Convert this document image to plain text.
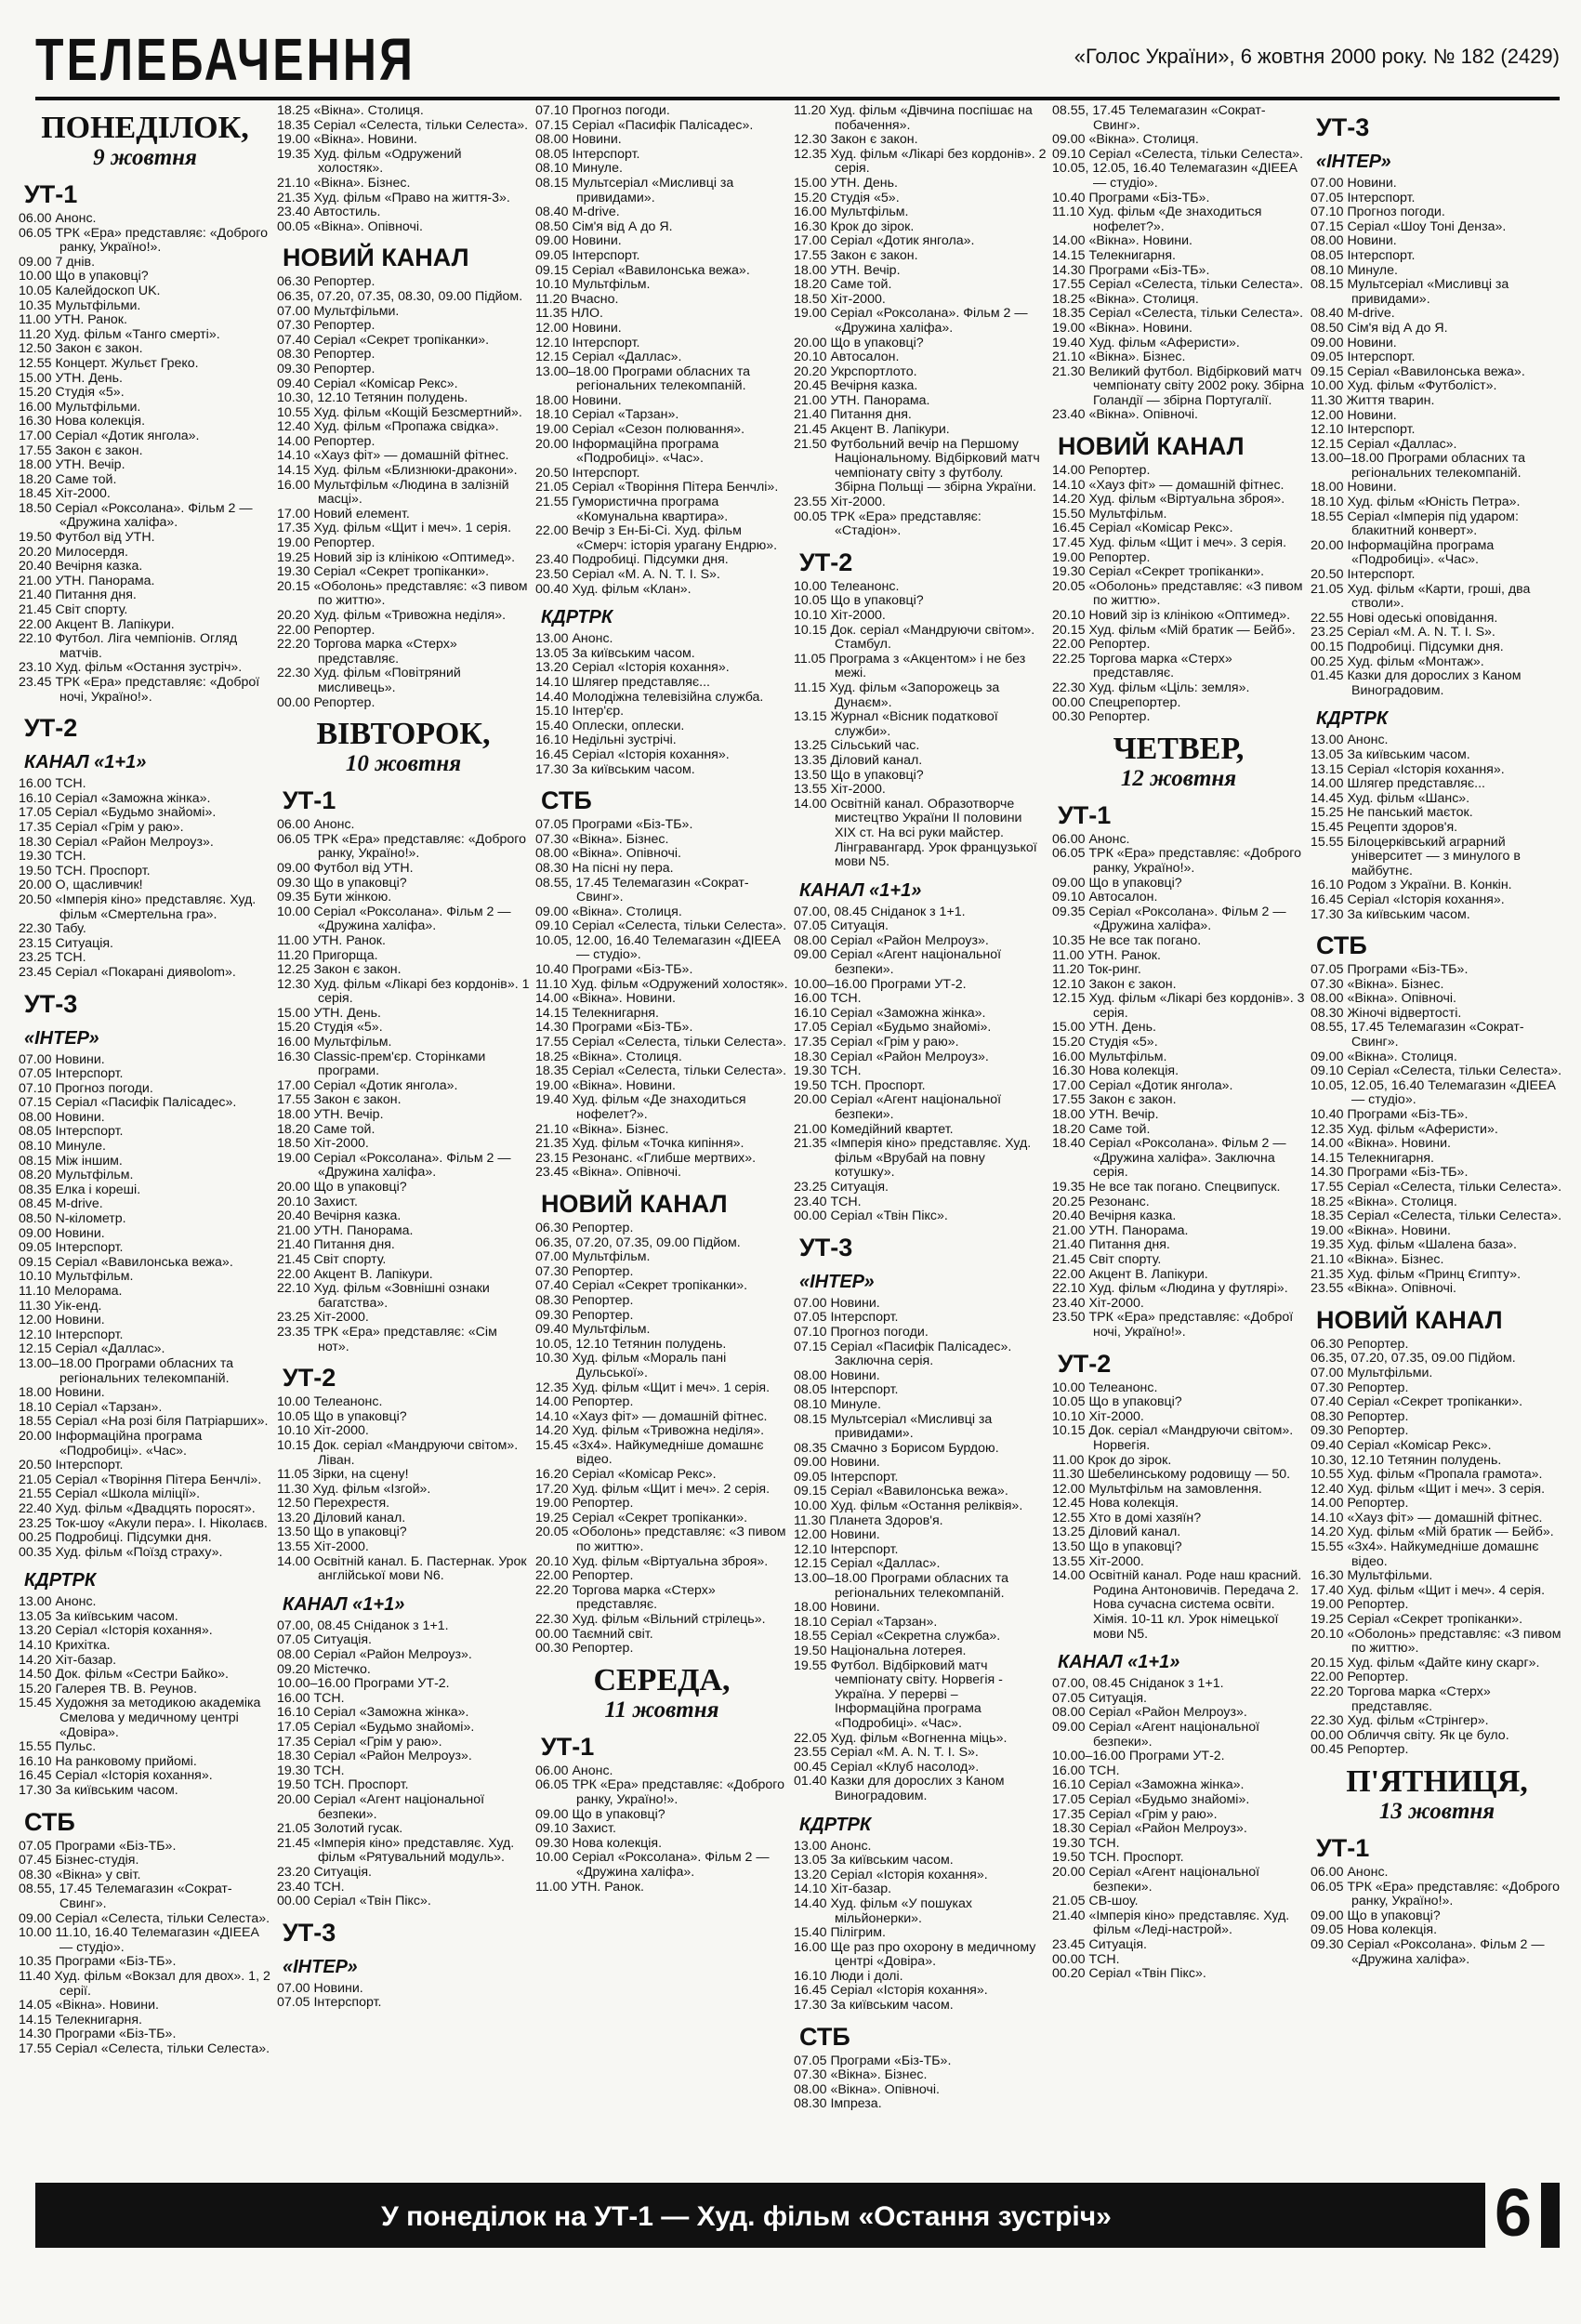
ТЕЛЕБАЧЕННЯ	«Голос України», 6 жовтня 2000 року. № 182 (2429)
ПОНЕДІЛОК,
9 жовтня
УТ-1
06.00 Анонс.
06.05 ТРК «Ера» представляє: «Доброго ранку, Україно!».
09.00 7 днів.
10.00 Що в упаковці?
10.05 Калейдоскоп UK.
10.35 Мультфільми.
11.00 УТН. Ранок.
11.20 Худ. фільм «Танго смерті».
12.50 Закон є закон.
12.55 Концерт. Жульєт Греко.
15.00 УТН. День.
15.20 Студія «5».
16.00 Мультфільми.
16.30 Нова колекція.
17.00 Серіал «Дотик янгола».
17.55 Закон є закон.
18.00 УТН. Вечір.
18.20 Саме той.
18.45 Хіт-2000.
18.50 Серіал «Роксолана». Фільм 2 — «Дружина халіфа».
19.50 Футбол від УТН.
20.20 Милосердя.
20.40 Вечірня казка.
21.00 УТН. Панорама.
21.40 Питання дня.
21.45 Світ спорту.
22.00 Акцент В. Лапікури.
22.10 Футбол. Ліга чемпіонів. Огляд матчів.
23.10 Худ. фільм «Остання зустріч».
23.45 ТРК «Ера» представляє: «Доброї ночі, Україно!».
УТ-2
КАНАЛ «1+1»
16.00 ТСН.
16.10 Серіал «Заможна жінка».
17.05 Серіал «Будьмо знайомі».
17.35 Серіал «Грім у раю».
18.30 Серіал «Район Мелроуз».
19.30 ТСН.
19.50 ТСН. Проспорт.
20.00 О, щасливчик!
20.50 «Імперія кіно» представляє. Худ. фільм «Смертельна гра».
22.30 Табу.
23.15 Ситуація.
23.25 ТСН.
23.45 Серіал «Покарані диявolom».
УТ-3
«ІНТЕР»
07.00 Новини.
07.05 Інтерспорт.
07.10 Прогноз погоди.
07.15 Серіал «Пасифік Палісадес».
08.00 Новини.
08.05 Інтерспорт.
08.10 Минуле.
08.15 Між іншим.
08.20 Мультфільм.
08.35 Елка і кореші.
08.45 M-drive.
08.50 N-кілометр.
09.00 Новини.
09.05 Інтерспорт.
09.15 Серіал «Вавилонська вежа».
10.10 Мультфільм.
11.10 Мелорама.
11.30 Уік-енд.
12.00 Новини.
12.10 Інтерспорт.
12.15 Серіал «Даллас».
13.00–18.00 Програми обласних та регіональних телекомпаній.
18.00 Новини.
18.10 Серіал «Тарзан».
18.55 Серіал «На розі біля Патріарших».
20.00 Інформаційна програма «Подробиці». «Час».
20.50 Інтерспорт.
21.05 Серіал «Творіння Пітера Бенчлі».
21.55 Серіал «Школа міліції».
22.40 Худ. фільм «Двадцять поросят».
23.25 Ток-шоу «Акули пера». І. Ніколаєв.
00.25 Подробиці. Підсумки дня.
00.35 Худ. фільм «Поїзд страху».
КДРТРК
13.00 Анонс.
13.05 За київським часом.
13.20 Серіал «Історія кохання».
14.10 Крихітка.
14.20 Хіт-базар.
14.50 Док. фільм «Сестри Байко».
15.20 Галерея ТВ. В. Реунов.
15.45 Художня за методикою академіка Смелова у медичному центрі «Довіра».
15.55 Пульс.
16.10 На ранковому прийомі.
16.45 Серіал «Історія кохання».
17.30 За київським часом.
СТБ
07.05 Програми «Біз-ТБ».
07.45 Бізнес-студія.
08.30 «Вікна» у світ.
08.55, 17.45 Телемагазин «Сократ-Свинг».
09.00 Серіал «Селеста, тільки Селеста».
10.00 11.10, 16.40 Телемагазин «ДІЕЕА — студіо».
10.35 Програми «Біз-ТБ».
11.40 Худ. фільм «Вокзал для двох». 1, 2 серії.
14.05 «Вікна». Новини.
14.15 Телекнигарня.
14.30 Програми «Біз-ТБ».
17.55 Серіал «Селеста, тільки Селеста».
18.25 «Вікна». Столиця.
18.35 Серіал «Селеста, тільки Селеста».
19.00 «Вікна». Новини.
19.35 Худ. фільм «Одружений холостяк».
21.10 «Вікна». Бізнес.
21.35 Худ. фільм «Право на життя-3».
23.40 Автостиль.
00.05 «Вікна». Опівночі.
НОВИЙ КАНАЛ
06.30 Репортер.
06.35, 07.20, 07.35, 08.30, 09.00 Підйом.
07.00 Мультфільми.
07.30 Репортер.
07.40 Серіал «Секрет тропіканки».
08.30 Репортер.
09.30 Репортер.
09.40 Серіал «Комісар Рекс».
10.30, 12.10 Тетянин полудень.
10.55 Худ. фільм «Кощій Безсмертний».
12.40 Худ. фільм «Пропажа свідка».
14.00 Репортер.
14.10 «Хауз фіт» — домашній фітнес.
14.15 Худ. фільм «Близнюки-дракони».
16.00 Мультфільм «Людина в залізній масці».
17.00 Новий елемент.
17.35 Худ. фільм «Щит і меч». 1 серія.
19.00 Репортер.
19.25 Новий зір із клінікою «Оптимед».
19.30 Серіал «Секрет тропіканки».
20.15 «Оболонь» представляє: «З пивом по життю».
20.20 Худ. фільм «Тривожна неділя».
22.00 Репортер.
22.20 Торгова марка «Стерх» представляє.
22.30 Худ. фільм «Повітряний мисливець».
00.00 Репортер.
ВІВТОРОК,
10 жовтня
УТ-1
06.00 Анонс.
06.05 ТРК «Ера» представляє: «Доброго ранку, Україно!».
09.00 Футбол від УТН.
09.30 Що в упаковці?
09.35 Бути жінкою.
10.00 Серіал «Роксолана». Фільм 2 — «Дружина халіфа».
11.00 УТН. Ранок.
11.20 Пригорща.
12.25 Закон є закон.
12.30 Худ. фільм «Лікарі без кордонів». 1 серія.
15.00 УТН. День.
15.20 Студія «5».
16.00 Мультфільм.
16.30 Classic-прем'єр. Сторінками програми.
17.00 Серіал «Дотик янгола».
17.55 Закон є закон.
18.00 УТН. Вечір.
18.20 Саме той.
18.50 Хіт-2000.
19.00 Серіал «Роксолана». Фільм 2 — «Дружина халіфа».
20.00 Що в упаковці?
20.10 Захист.
20.40 Вечірня казка.
21.00 УТН. Панорама.
21.40 Питання дня.
21.45 Світ спорту.
22.00 Акцент В. Лапікури.
22.10 Худ. фільм «Зовнішні ознаки багатства».
23.25 Хіт-2000.
23.35 ТРК «Ера» представляє: «Сім нот».
УТ-2
10.00 Телеанонс.
10.05 Що в упаковці?
10.10 Хіт-2000.
10.15 Док. серіал «Мандруючи світом». Ліван.
11.05 Зірки, на сцену!
11.30 Худ. фільм «Ізгой».
12.50 Перехрестя.
13.20 Діловий канал.
13.50 Що в упаковці?
13.55 Хіт-2000.
14.00 Освітній канал. Б. Пастернак. Урок англійської мови N6.
КАНАЛ «1+1»
07.00, 08.45 Сніданок з 1+1.
07.05 Ситуація.
08.00 Серіал «Район Мелроуз».
09.20 Містечко.
10.00–16.00 Програми УТ-2.
16.00 ТСН.
16.10 Серіал «Заможна жінка».
17.05 Серіал «Будьмо знайомі».
17.35 Серіал «Грім у раю».
18.30 Серіал «Район Мелроуз».
19.30 ТСН.
19.50 ТСН. Проспорт.
20.00 Серіал «Агент національної безпеки».
21.05 Золотий гусак.
21.45 «Імперія кіно» представляє. Худ. фільм «Рятувальний модуль».
23.20 Ситуація.
23.40 ТСН.
00.00 Серіал «Твін Пікс».
УТ-3
«ІНТЕР»
07.00 Новини.
07.05 Інтерспорт.
07.10 Прогноз погоди.
07.15 Серіал «Пасифік Палісадес».
08.00 Новини.
08.05 Інтерспорт.
08.10 Минуле.
08.15 Мультсеріал «Мисливці за привидами».
08.40 M-drive.
08.50 Сім'я від А до Я.
09.00 Новини.
09.05 Інтерспорт.
09.15 Серіал «Вавилонська вежа».
10.10 Мультфільм.
11.20 Вчасно.
11.35 НЛО.
12.00 Новини.
12.10 Інтерспорт.
12.15 Серіал «Даллас».
13.00–18.00 Програми обласних та регіональних телекомпаній.
18.00 Новини.
18.10 Серіал «Тарзан».
19.00 Серіал «Сезон полювання».
20.00 Інформаційна програма «Подробиці». «Час».
20.50 Інтерспорт.
21.05 Серіал «Творіння Пітера Бенчлі».
21.55 Гумористична програма «Комунальна квартира».
22.00 Вечір з Ен-Бі-Сі. Худ. фільм «Смерч: історія урагану Ендрю».
23.40 Подробиці. Підсумки дня.
23.50 Серіал «M. A. N. T. I. S».
00.40 Худ. фільм «Клан».
КДРТРК
13.00 Анонс.
13.05 За київським часом.
13.20 Серіал «Історія кохання».
14.10 Шлягер представляє...
14.40 Молодіжна телевізійна служба.
15.10 Інтер'єр.
15.40 Оплески, оплески.
16.10 Недільні зустрічі.
16.45 Серіал «Історія кохання».
17.30 За київським часом.
СТБ
07.05 Програми «Біз-ТБ».
07.30 «Вікна». Бізнес.
08.00 «Вікна». Опівночі.
08.30 На пісні ну пера.
08.55, 17.45 Телемагазин «Сократ-Свинг».
09.00 «Вікна». Столиця.
09.10 Серіал «Селеста, тільки Селеста».
10.05, 12.00, 16.40 Телемагазин «ДІЕЕА — студіо».
10.40 Програми «Біз-ТБ».
11.10 Худ. фільм «Одружений холостяк».
14.00 «Вікна». Новини.
14.15 Телекнигарня.
14.30 Програми «Біз-ТБ».
17.55 Серіал «Селеста, тільки Селеста».
18.25 «Вікна». Столиця.
18.35 Серіал «Селеста, тільки Селеста».
19.00 «Вікна». Новини.
19.40 Худ. фільм «Де знаходиться нофелет?».
21.10 «Вікна». Бізнес.
21.35 Худ. фільм «Точка кипіння».
23.15 Резонанс. «Глибше мертвих».
23.45 «Вікна». Опівночі.
НОВИЙ КАНАЛ
06.30 Репортер.
06.35, 07.20, 07.35, 09.00 Підйом.
07.00 Мультфільм.
07.30 Репортер.
07.40 Серіал «Секрет тропіканки».
08.30 Репортер.
09.30 Репортер.
09.40 Мультфільм.
10.05, 12.10 Тетянин полудень.
10.30 Худ. фільм «Мораль пані Дульської».
12.35 Худ. фільм «Щит і меч». 1 серія.
14.00 Репортер.
14.10 «Хауз фіт» — домашній фітнес.
14.20 Худ. фільм «Тривожна неділя».
15.45 «3х4». Найкумедніше домашнє відео.
16.20 Серіал «Комісар Рекс».
17.20 Худ. фільм «Щит і меч». 2 серія.
19.00 Репортер.
19.25 Серіал «Секрет тропіканки».
20.05 «Оболонь» представляє: «З пивом по життю».
20.10 Худ. фільм «Віртуальна зброя».
22.00 Репортер.
22.20 Торгова марка «Стерх» представляє.
22.30 Худ. фільм «Вільний стрілець».
00.00 Таємний світ.
00.30 Репортер.
СЕРЕДА,
11 жовтня
УТ-1
06.00 Анонс.
06.05 ТРК «Ера» представляє: «Доброго ранку, Україно!».
09.00 Що в упаковці?
09.10 Захист.
09.30 Нова колекція.
10.00 Серіал «Роксолана». Фільм 2 — «Дружина халіфа».
11.00 УТН. Ранок.
11.20 Худ. фільм «Дівчина поспішає на побачення».
12.30 Закон є закон.
12.35 Худ. фільм «Лікарі без кордонів». 2 серія.
15.00 УТН. День.
15.20 Студія «5».
16.00 Мультфільм.
16.30 Крок до зірок.
17.00 Серіал «Дотик янгола».
17.55 Закон є закон.
18.00 УТН. Вечір.
18.20 Саме той.
18.50 Хіт-2000.
19.00 Серіал «Роксолана». Фільм 2 — «Дружина халіфа».
20.00 Що в упаковці?
20.10 Автосалон.
20.20 Укрспортлото.
20.45 Вечірня казка.
21.00 УТН. Панорама.
21.40 Питання дня.
21.45 Акцент В. Лапікури.
21.50 Футбольний вечір на Першому Національному. Відбірковий матч чемпіонату світу з футболу. Збірна Польщі — збірна України.
23.55 Хіт-2000.
00.05 ТРК «Ера» представляє: «Стадіон».
УТ-2
10.00 Телеанонс.
10.05 Що в упаковці?
10.10 Хіт-2000.
10.15 Док. серіал «Мандруючи світом». Стамбул.
11.05 Програма з «Акцентом» і не без межі.
11.15 Худ. фільм «Запорожець за Дунаєм».
13.15 Журнал «Вісник податкової служби».
13.25 Сільський час.
13.35 Діловий канал.
13.50 Що в упаковці?
13.55 Хіт-2000.
14.00 Освітній канал. Образотворче мистецтво України II половини XIX ст. На всі руки майстер. Лінгравангард. Урок французької мови N5.
КАНАЛ «1+1»
07.00, 08.45 Сніданок з 1+1.
07.05 Ситуація.
08.00 Серіал «Район Мелроуз».
09.00 Серіал «Агент національної безпеки».
10.00–16.00 Програми УТ-2.
16.00 ТСН.
16.10 Серіал «Заможна жінка».
17.05 Серіал «Будьмо знайомі».
17.35 Серіал «Грім у раю».
18.30 Серіал «Район Мелроуз».
19.30 ТСН.
19.50 ТСН. Проспорт.
20.00 Серіал «Агент національної безпеки».
21.00 Комедійний квартет.
21.35 «Імперія кіно» представляє. Худ. фільм «Врубай на повну котушку».
23.25 Ситуація.
23.40 ТСН.
00.00 Серіал «Твін Пікс».
УТ-3
«ІНТЕР»
07.00 Новини.
07.05 Інтерспорт.
07.10 Прогноз погоди.
07.15 Серіал «Пасифік Палісадес». Заключна серія.
08.00 Новини.
08.05 Інтерспорт.
08.10 Минуле.
08.15 Мультсеріал «Мисливці за привидами».
08.35 Смачно з Борисом Бурдою.
09.00 Новини.
09.05 Інтерспорт.
09.15 Серіал «Вавилонська вежа».
10.00 Худ. фільм «Остання реліквія».
11.30 Планета Здоров'я.
12.00 Новини.
12.10 Інтерспорт.
12.15 Серіал «Даллас».
13.00–18.00 Програми обласних та регіональних телекомпаній.
18.00 Новини.
18.10 Серіал «Тарзан».
18.55 Серіал «Секретна служба».
19.50 Національна лотерея.
19.55 Футбол. Відбірковий матч чемпіонату світу. Норвегія - Україна. У перерві – Інформаційна програма «Подробиці». «Час».
22.05 Худ. фільм «Вогненна міць».
23.55 Серіал «M. A. N. T. I. S».
00.45 Серіал «Клуб насолод».
01.40 Казки для дорослих з Каном Виноградовим.
КДРТРК
13.00 Анонс.
13.05 За київським часом.
13.20 Серіал «Історія кохання».
14.10 Хіт-базар.
14.40 Худ. фільм «У пошуках мільйонерки».
15.40 Пілігрим.
16.00 Ще раз про охорону в медичному центрі «Довіра».
16.10 Люди і долі.
16.45 Серіал «Історія кохання».
17.30 За київським часом.
СТБ
07.05 Програми «Біз-ТБ».
07.30 «Вікна». Бізнес.
08.00 «Вікна». Опівночі.
08.30 Імпреза.
08.55, 17.45 Телемагазин «Сократ-Свинг».
09.00 «Вікна». Столиця.
09.10 Серіал «Селеста, тільки Селеста».
10.05, 12.05, 16.40 Телемагазин «ДІЕЕА — студіо».
10.40 Програми «Біз-ТБ».
11.10 Худ. фільм «Де знаходиться нофелет?».
14.00 «Вікна». Новини.
14.15 Телекнигарня.
14.30 Програми «Біз-ТБ».
17.55 Серіал «Селеста, тільки Селеста».
18.25 «Вікна». Столиця.
18.35 Серіал «Селеста, тільки Селеста».
19.00 «Вікна». Новини.
19.40 Худ. фільм «Аферисти».
21.10 «Вікна». Бізнес.
21.30 Великий футбол. Відбірковий матч чемпіонату світу 2002 року. Збірна Голандії — збірна Португалії.
23.40 «Вікна». Опівночі.
НОВИЙ КАНАЛ
14.00 Репортер.
14.10 «Хауз фіт» — домашній фітнес.
14.20 Худ. фільм «Віртуальна зброя».
15.50 Мультфільм.
16.45 Серіал «Комісар Рекс».
17.45 Худ. фільм «Щит і меч». 3 серія.
19.00 Репортер.
19.30 Серіал «Секрет тропіканки».
20.05 «Оболонь» представляє: «З пивом по життю».
20.10 Новий зір із клінікою «Оптимед».
20.15 Худ. фільм «Мій братик — Бейб».
22.00 Репортер.
22.25 Торгова марка «Стерх» представляє.
22.30 Худ. фільм «Ціль: земля».
00.00 Спецрепортер.
00.30 Репортер.
ЧЕТВЕР,
12 жовтня
УТ-1
06.00 Анонс.
06.05 ТРК «Ера» представляє: «Доброго ранку, Україно!».
09.00 Що в упаковці?
09.10 Автосалон.
09.35 Серіал «Роксолана». Фільм 2 — «Дружина халіфа».
10.35 Не все так погано.
11.00 УТН. Ранок.
11.20 Ток-ринг.
12.10 Закон є закон.
12.15 Худ. фільм «Лікарі без кордонів». 3 серія.
15.00 УТН. День.
15.20 Студія «5».
16.00 Мультфільм.
16.30 Нова колекція.
17.00 Серіал «Дотик янгола».
17.55 Закон є закон.
18.00 УТН. Вечір.
18.20 Саме той.
18.40 Серіал «Роксолана». Фільм 2 — «Дружина халіфа». Заключна серія.
19.35 Не все так погано. Спецвипуск.
20.25 Резонанс.
20.40 Вечірня казка.
21.00 УТН. Панорама.
21.40 Питання дня.
21.45 Світ спорту.
22.00 Акцент В. Лапікури.
22.10 Худ. фільм «Людина у футлярі».
23.40 Хіт-2000.
23.50 ТРК «Ера» представляє: «Доброї ночі, Україно!».
УТ-2
10.00 Телеанонс.
10.05 Що в упаковці?
10.10 Хіт-2000.
10.15 Док. серіал «Мандруючи світом». Норвегія.
11.00 Крок до зірок.
11.30 Шебелинському родовищу — 50.
12.00 Мультфільм на замовлення.
12.45 Нова колекція.
12.55 Хто в домі хазяїн?
13.25 Діловий канал.
13.50 Що в упаковці?
13.55 Хіт-2000.
14.00 Освітній канал. Роде наш красний. Родина Антоновичів. Передача 2. Нова сучасна система освіти. Хімія. 10-11 кл. Урок німецької мови N5.
КАНАЛ «1+1»
07.00, 08.45 Сніданок з 1+1.
07.05 Ситуація.
08.00 Серіал «Район Мелроуз».
09.00 Серіал «Агент національної безпеки».
10.00–16.00 Програми УТ-2.
16.00 ТСН.
16.10 Серіал «Заможна жінка».
17.05 Серіал «Будьмо знайомі».
17.35 Серіал «Грім у раю».
18.30 Серіал «Район Мелроуз».
19.30 ТСН.
19.50 ТСН. Проспорт.
20.00 Серіал «Агент національної безпеки».
21.05 СВ-шоу.
21.40 «Імперія кіно» представляє. Худ. фільм «Леді-настрой».
23.45 Ситуація.
00.00 ТСН.
00.20 Серіал «Твін Пікс».
УТ-3
«ІНТЕР»
07.00 Новини.
07.05 Інтерспорт.
07.10 Прогноз погоди.
07.15 Серіал «Шоу Тоні Дензa».
08.00 Новини.
08.05 Інтерспорт.
08.10 Минуле.
08.15 Мультсеріал «Мисливці за привидами».
08.40 M-drive.
08.50 Сім'я від А до Я.
09.00 Новини.
09.05 Інтерспорт.
09.15 Серіал «Вавилонська вежа».
10.00 Худ. фільм «Футболіст».
11.30 Життя тварин.
12.00 Новини.
12.10 Інтерспорт.
12.15 Серіал «Даллас».
13.00–18.00 Програми обласних та регіональних телекомпаній.
18.00 Новини.
18.10 Худ. фільм «Юність Петра».
18.55 Серіал «Імперія під ударом: блакитний конверт».
20.00 Інформаційна програма «Подробиці». «Час».
20.50 Інтерспорт.
21.05 Худ. фільм «Карти, гроші, два стволи».
22.55 Нові одеські оповідання.
23.25 Серіал «M. A. N. T. I. S».
00.15 Подробиці. Підсумки дня.
00.25 Худ. фільм «Монтаж».
01.45 Казки для дорослих з Каном Виноградовим.
КДРТРК
13.00 Анонс.
13.05 За київським часом.
13.15 Серіал «Історія кохання».
14.00 Шлягер представляє...
14.45 Худ. фільм «Шанс».
15.25 Не панський маєток.
15.45 Рецепти здоров'я.
15.55 Білоцерківський аграрний університет — з минулого в майбутнє.
16.10 Родом з України. В. Конкін.
16.45 Серіал «Історія кохання».
17.30 За київським часом.
СТБ
07.05 Програми «Біз-ТБ».
07.30 «Вікна». Бізнес.
08.00 «Вікна». Опівночі.
08.30 Жіночі відвертості.
08.55, 17.45 Телемагазин «Сократ-Свинг».
09.00 «Вікна». Столиця.
09.10 Серіал «Селеста, тільки Селеста».
10.05, 12.05, 16.40 Телемагазин «ДІЕЕА — студіо».
10.40 Програми «Біз-ТБ».
12.35 Худ. фільм «Аферисти».
14.00 «Вікна». Новини.
14.15 Телекнигарня.
14.30 Програми «Біз-ТБ».
17.55 Серіал «Селеста, тільки Селеста».
18.25 «Вікна». Столиця.
18.35 Серіал «Селеста, тільки Селеста».
19.00 «Вікна». Новини.
19.35 Худ. фільм «Шалена база».
21.10 «Вікна». Бізнес.
21.35 Худ. фільм «Принц Єгипту».
23.55 «Вікна». Опівночі.
НОВИЙ КАНАЛ
06.30 Репортер.
06.35, 07.20, 07.35, 09.00 Підйом.
07.00 Мультфільми.
07.30 Репортер.
07.40 Серіал «Секрет тропіканки».
08.30 Репортер.
09.30 Репортер.
09.40 Серіал «Комісар Рекс».
10.30, 12.10 Тетянин полудень.
10.55 Худ. фільм «Пропала грамота».
12.40 Худ. фільм «Щит і меч». 3 серія.
14.00 Репортер.
14.10 «Хауз фіт» — домашній фітнес.
14.20 Худ. фільм «Мій братик — Бейб».
15.55 «3х4». Найкумедніше домашнє відео.
16.30 Мультфільми.
17.40 Худ. фільм «Щит і меч». 4 серія.
19.00 Репортер.
19.25 Серіал «Секрет тропіканки».
20.10 «Оболонь» представляє: «З пивом по життю».
20.15 Худ. фільм «Дайте кину скарг».
22.00 Репортер.
22.20 Торгова марка «Стерх» представляє.
22.30 Худ. фільм «Стрінгер».
00.00 Обличчя світу. Як це було.
00.45 Репортер.
П'ЯТНИЦЯ,
13 жовтня
УТ-1
06.00 Анонс.
06.05 ТРК «Ера» представляє: «Доброго ранку, Україно!».
09.00 Що в упаковці?
09.05 Нова колекція.
09.30 Серіал «Роксолана». Фільм 2 — «Дружина халіфа».
У понеділок на УТ-1 — Худ. фільм «Остання зустріч»	6
